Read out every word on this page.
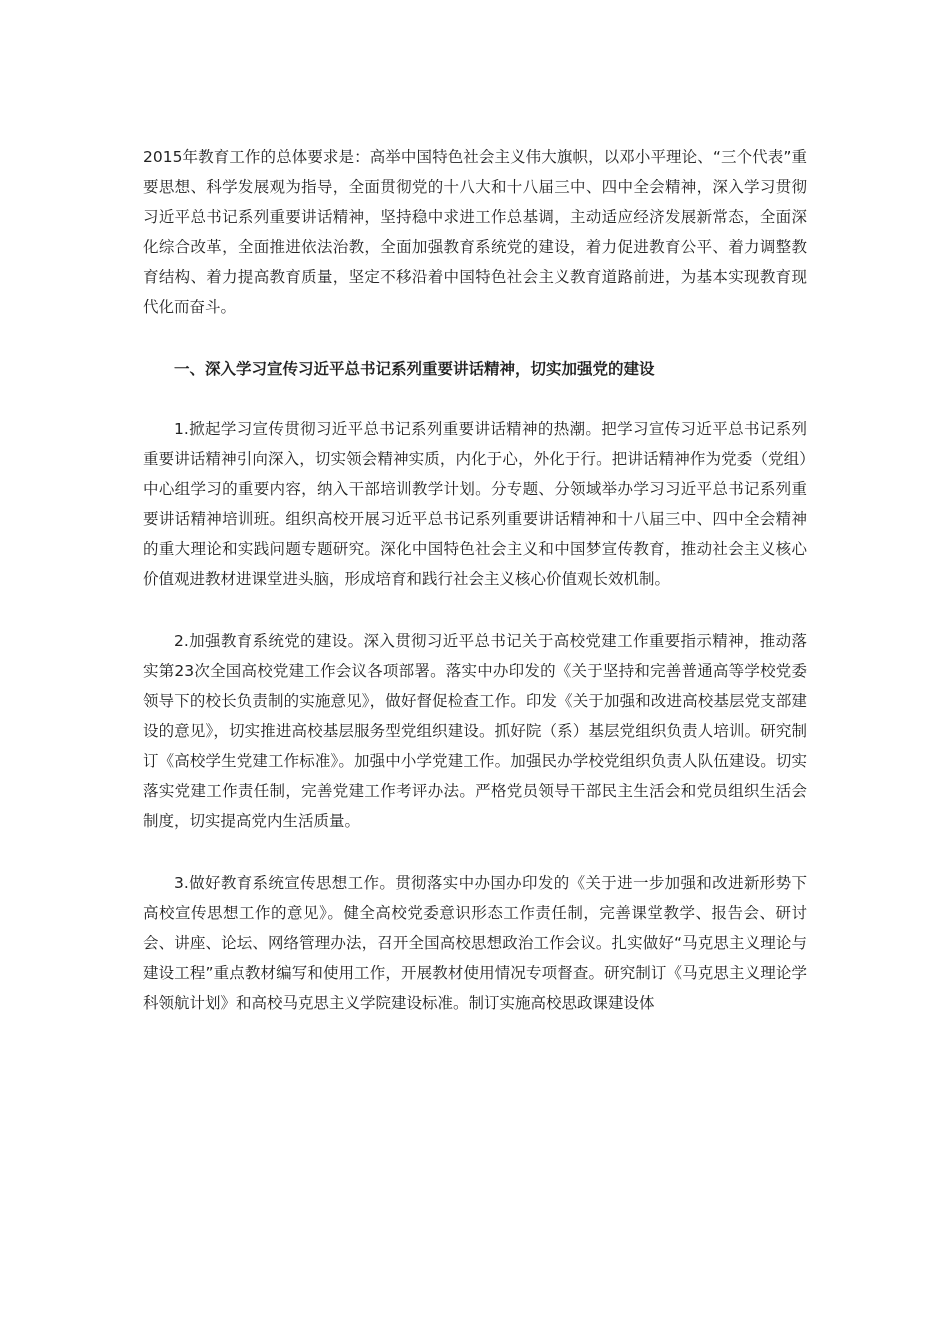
2015年教育工作的总体要求是：高举中国特色社会主义伟大旗帜，以邓小平理论、“三个代表”重要思想、科学发展观为指导，全面贯彻党的十八大和十八届三中、四中全会精神，深入学习贯彻习近平总书记系列重要讲话精神，坚持稳中求进工作总基调，主动适应经济发展新常态，全面深化综合改革，全面推进依法治教，全面加强教育系统党的建设，着力促进教育公平、着力调整教育结构、着力提高教育质量，坚定不移沿着中国特色社会主义教育道路前进，为基本实现教育现代化而奋斗。

一、深入学习宣传习近平总书记系列重要讲话精神，切实加强党的建设

1.掀起学习宣传贯彻习近平总书记系列重要讲话精神的热潮。把学习宣传习近平总书记系列重要讲话精神引向深入，切实领会精神实质，内化于心，外化于行。把讲话精神作为党委（党组）中心组学习的重要内容，纳入干部培训教学计划。分专题、分领域举办学习习近平总书记系列重要讲话精神培训班。组织高校开展习近平总书记系列重要讲话精神和十八届三中、四中全会精神的重大理论和实践问题专题研究。深化中国特色社会主义和中国梦宣传教育，推动社会主义核心价值观进教材进课堂进头脑，形成培育和践行社会主义核心价值观长效机制。

2.加强教育系统党的建设。深入贯彻习近平总书记关于高校党建工作重要指示精神，推动落实第23次全国高校党建工作会议各项部署。落实中办印发的《关于坚持和完善普通高等学校党委领导下的校长负责制的实施意见》，做好督促检查工作。印发《关于加强和改进高校基层党支部建设的意见》，切实推进高校基层服务型党组织建设。抓好院（系）基层党组织负责人培训。研究制订《高校学生党建工作标准》。加强中小学党建工作。加强民办学校党组织负责人队伍建设。切实落实党建工作责任制，完善党建工作考评办法。严格党员领导干部民主生活会和党员组织生活会制度，切实提高党内生活质量。

3.做好教育系统宣传思想工作。贯彻落实中办国办印发的《关于进一步加强和改进新形势下高校宣传思想工作的意见》。健全高校党委意识形态工作责任制，完善课堂教学、报告会、研讨会、讲座、论坛、网络管理办法，召开全国高校思想政治工作会议。扎实做好“马克思主义理论与建设工程”重点教材编写和使用工作，开展教材使用情况专项督查。研究制订《马克思主义理论学科领航计划》和高校马克思主义学院建设标准。制订实施高校思政课建设体
